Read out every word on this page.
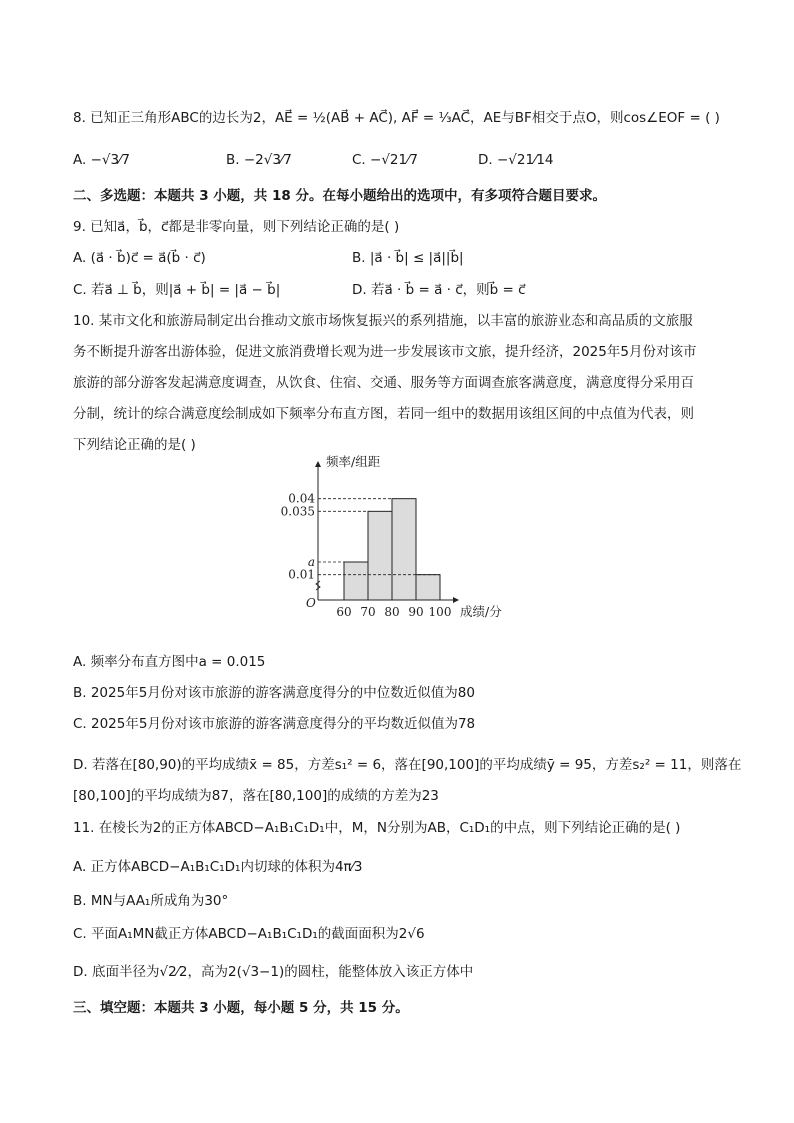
8. 已知正三角形ABC的边长为2，AE⃗ = ½(AB⃗ + AC⃗), AF⃗ = ⅓AC⃗，AE与BF相交于点O，则cos∠EOF = ( )
A. −√3⁄7	B. −2√3⁄7	C. −√21⁄7	D. −√21⁄14
二、多选题：本题共 3 小题，共 18 分。在每小题给出的选项中，有多项符合题目要求。
9. 已知a⃗，b⃗，c⃗都是非零向量，则下列结论正确的是( )
A. (a⃗ · b⃗)c⃗ = a⃗(b⃗ · c⃗)	B. |a⃗ · b⃗| ≤ |a⃗||b⃗|
C. 若a⃗ ⊥ b⃗，则|a⃗ + b⃗| = |a⃗ − b⃗|	D. 若a⃗ · b⃗ = a⃗ · c⃗，则b⃗ = c⃗
10. 某市文化和旅游局制定出台推动文旅市场恢复振兴的系列措施，以丰富的旅游业态和高品质的文旅服
务不断提升游客出游体验，促进文旅消费增长观为进一步发展该市文旅，提升经济，2025年5月份对该市
旅游的部分游客发起满意度调查，从饮食、住宿、交通、服务等方面调查旅客满意度，满意度得分采用百
分制，统计的综合满意度绘制成如下频率分布直方图，若同一组中的数据用该组区间的中点值为代表，则
下列结论正确的是( )
频率/组距
成绩/分
O
0.04
0.035
a
0.01
60 70 80 90 100
A. 频率分布直方图中a = 0.015
B. 2025年5月份对该市旅游的游客满意度得分的中位数近似值为80
C. 2025年5月份对该市旅游的游客满意度得分的平均数近似值为78
D. 若落在[80,90)的平均成绩x̄ = 85，方差s₁² = 6，落在[90,100]的平均成绩ȳ = 95，方差s₂² = 11，则落在
[80,100]的平均成绩为87，落在[80,100]的成绩的方差为23
11. 在棱长为2的正方体ABCD−A₁B₁C₁D₁中，M，N分别为AB，C₁D₁的中点，则下列结论正确的是( )
A. 正方体ABCD−A₁B₁C₁D₁内切球的体积为4π⁄3
B. MN与AA₁所成角为30°
C. 平面A₁MN截正方体ABCD−A₁B₁C₁D₁的截面面积为2√6
D. 底面半径为√2⁄2，高为2(√3−1)的圆柱，能整体放入该正方体中
三、填空题：本题共 3 小题，每小题 5 分，共 15 分。
